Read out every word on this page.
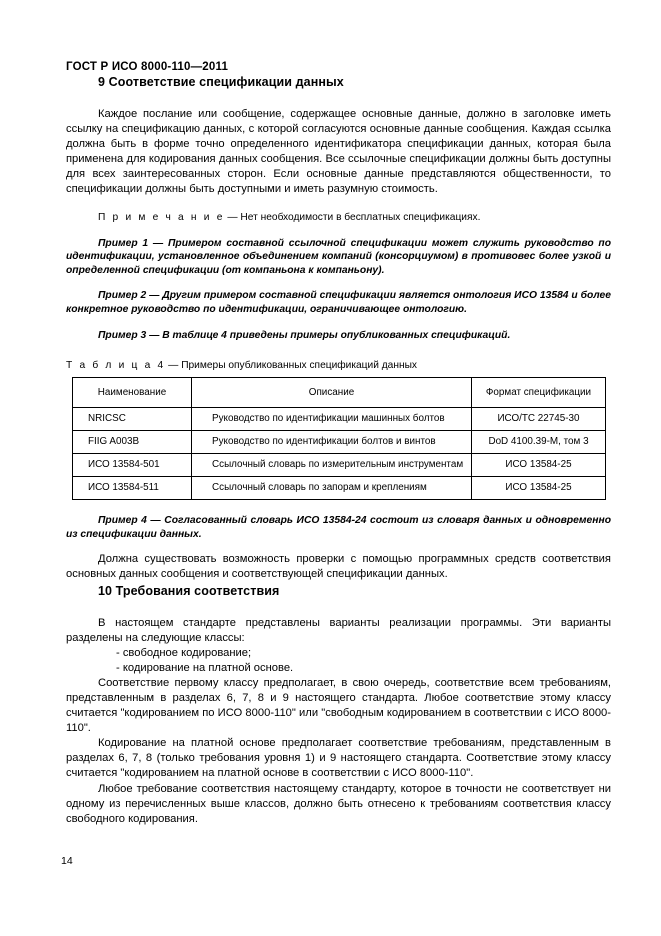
ГОСТ Р ИСО 8000-110—2011
9 Соответствие спецификации данных

Каждое послание или сообщение, содержащее основные данные, должно в заголовке иметь ссылку на спецификацию данных, с которой согласуются основные данные сообщения. Каждая ссылка должна быть в форме точно определенного идентификатора спецификации данных, которая была применена для кодирования данных сообщения. Все ссылочные спецификации должны быть доступны для всех заинтересованных сторон. Если основные данные представляются общественности, то спецификации должны быть доступными и иметь разумную стоимость.

П р и м е ч а н и е — Нет необходимости в бесплатных спецификациях.

Пример 1 — Примером составной ссылочной спецификации может служить руководство по идентификации, установленное объединением компаний (консорциумом) в противовес более узкой и определенной спецификации (от компаньона к компаньону).

Пример 2 — Другим примером составной спецификации является онтология ИСО 13584 и более конкретное руководство по идентификации, ограничивающее онтологию.

Пример 3 — В таблице 4 приведены примеры опубликованных спецификаций.

Т а б л и ц а 4 — Примеры опубликованных спецификаций данных

Наименование	Описание	Формат спецификации
NRICSC	Руководство по идентификации машинных болтов	ИСО/ТС 22745-30
FIIG A003B	Руководство по идентификации болтов и винтов	DoD 4100.39-M, том 3
ИСО 13584-501	Ссылочный словарь по измерительным инструментам	ИСО 13584-25
ИСО 13584-511	Ссылочный словарь по запорам и креплениям	ИСО 13584-25

Пример 4 — Согласованный словарь ИСО 13584-24 состоит из словаря данных и одновременно из спецификации данных.

Должна существовать возможность проверки с помощью программных средств соответствия основных данных сообщения и соответствующей спецификации данных.

10 Требования соответствия

В настоящем стандарте представлены варианты реализации программы. Эти варианты разделены на следующие классы:

- свободное кодирование;

- кодирование на платной основе.

Соответствие первому классу предполагает, в свою очередь, соответствие всем требованиям, представленным в разделах 6, 7, 8 и 9 настоящего стандарта. Любое соответствие этому классу считается "кодированием по ИСО 8000-110" или "свободным кодированием в соответствии с ИСО 8000-110".

Кодирование на платной основе предполагает соответствие требованиям, представленным в разделах 6, 7, 8 (только требования уровня 1) и 9 настоящего стандарта. Соответствие этому классу считается "кодированием на платной основе в соответствии с ИСО 8000-110".

Любое требование соответствия настоящему стандарту, которое в точности не соответствует ни одному из перечисленных выше классов, должно быть отнесено к требованиям соответствия классу свободного кодирования.

14
